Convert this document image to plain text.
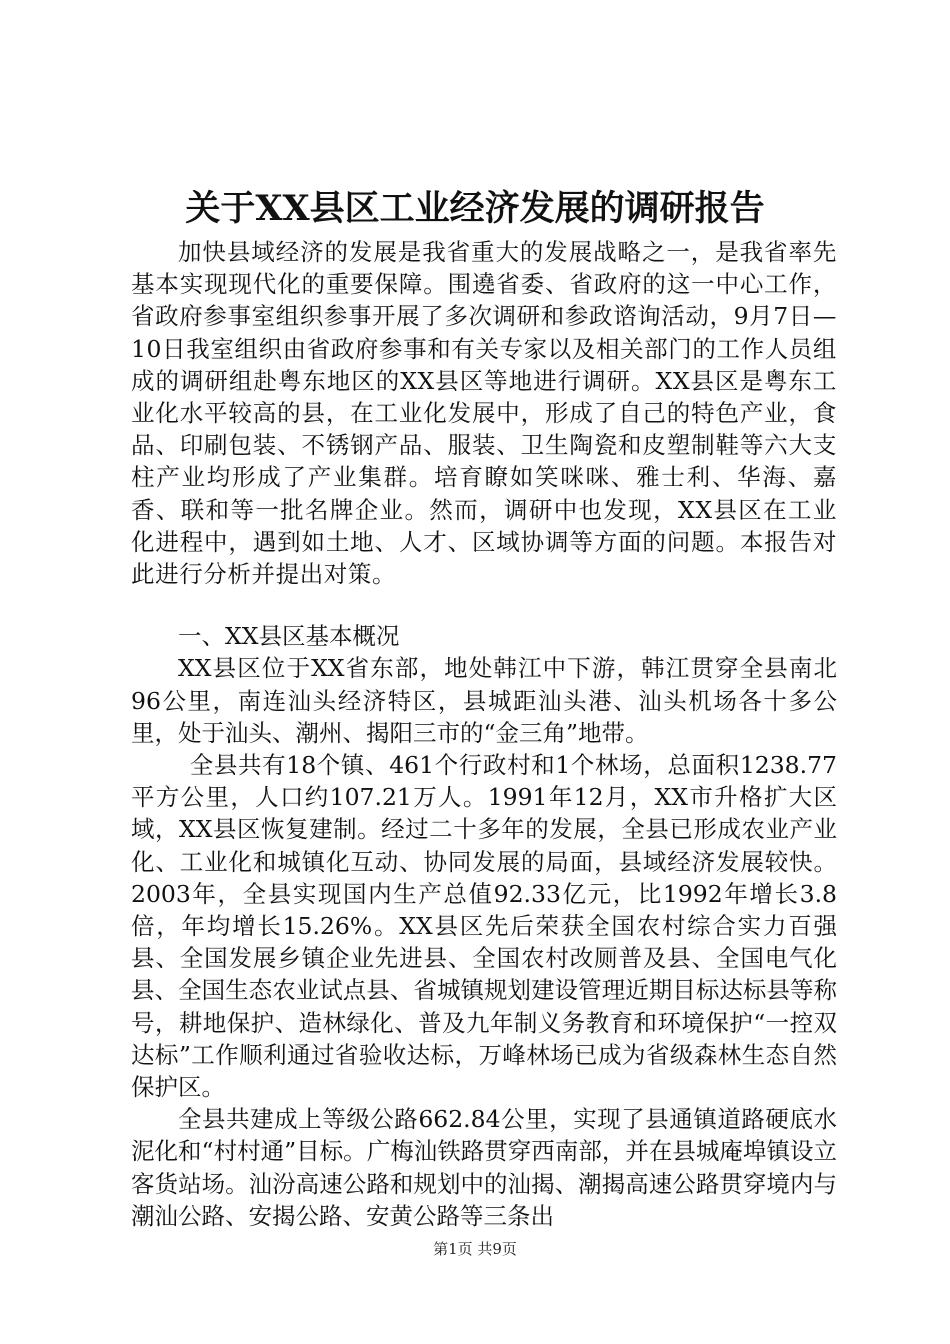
关于XX县区工业经济发展的调研报告

加快县域经济的发展是我省重大的发展战略之一，是我省率先基本实现现代化的重要保障。围遶省委、省政府的这一中心工作，省政府参事室组织参事开展了多次调研和参政谘询活动，9月7日—10日我室组织由省政府参事和有关专家以及相关部门的工作人员组成的调研组赴粤东地区的XX县区等地进行调研。XX县区是粤东工业化水平较高的县，在工业化发展中，形成了自己的特色产业，食品、印刷包装、不锈钢产品、服装、卫生陶瓷和皮塑制鞋等六大支柱产业均形成了产业集群。培育瞭如笑咪咪、雅士利、华海、嘉香、联和等一批名牌企业。然而，调研中也发现，XX县区在工业化进程中，遇到如土地、人才、区域协调等方面的问题。本报告对此进行分析并提出对策。

一、XX县区基本概况

XX县区位于XX省东部，地处韩江中下游，韩江贯穿全县南北96公里，南连汕头经济特区，县城距汕头港、汕头机场各十多公里，处于汕头、潮州、揭阳三市的“金三角”地带。

全县共有18个镇、461个行政村和1个林场，总面积1238.77平方公里，人口约107.21万人。1991年12月，XX市升格扩大区域，XX县区恢复建制。经过二十多年的发展，全县已形成农业产业化、工业化和城镇化互动、协同发展的局面，县域经济发展较快。2003年，全县实现国内生产总值92.33亿元，比1992年增长3.8倍，年均增长15.26%。XX县区先后荣获全国农村综合实力百强县、全国发展乡镇企业先进县、全国农村改厕普及县、全国电气化县、全国生态农业试点县、省城镇规划建设管理近期目标达标县等称号，耕地保护、造林绿化、普及九年制义务教育和环境保护“一控双达标”工作顺利通过省验收达标，万峰林场已成为省级森林生态自然保护区。

全县共建成上等级公路662.84公里，实现了县通镇道路硬底水泥化和“村村通”目标。广梅汕铁路贯穿西南部，并在县城庵埠镇设立客货站场。汕汾高速公路和规划中的汕揭、潮揭高速公路贯穿境内与潮汕公路、安揭公路、安黄公路等三条出

第1页 共9页
